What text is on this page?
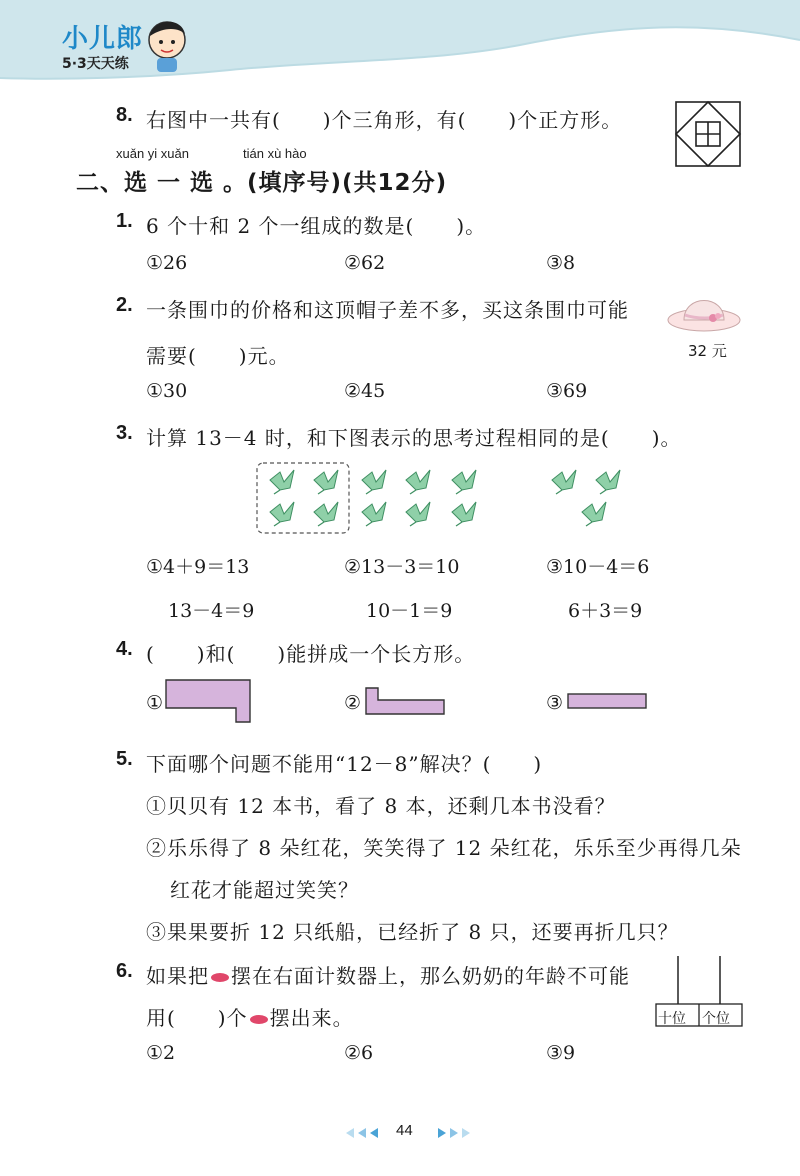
小儿郎
5·3天天练
8. 右图中一共有(　　)个三角形，有(　　)个正方形。
xuǎn yi xuǎn	tián xù hào
二、选 一 选 。(填序号)(共12分)
1. 6 个十和 2 个一组成的数是(　　)。
①26	②62	③8
2. 一条围巾的价格和这顶帽子差不多，买这条围巾可能
需要(　　)元。	32 元
①30	②45	③69
3. 计算 13－4 时，和下图表示的思考过程相同的是(　　)。
①4＋9＝13	②13－3＝10	③10－4＝6
13－4＝9	10－1＝9	6＋3＝9
4. (　　)和(　　)能拼成一个长方形。
①	②	③
5. 下面哪个问题不能用“12－8”解决？(　　)
①贝贝有 12 本书，看了 8 本，还剩几本书没看？
②乐乐得了 8 朵红花，笑笑得了 12 朵红花，乐乐至少再得几朵
红花才能超过笑笑？
③果果要折 12 只纸船，已经折了 8 只，还要再折几只？
6. 如果把 摆在右面计数器上，那么奶奶的年龄不可能
用(　　)个 摆出来。	十位 个位
①2	②6	③9
44
